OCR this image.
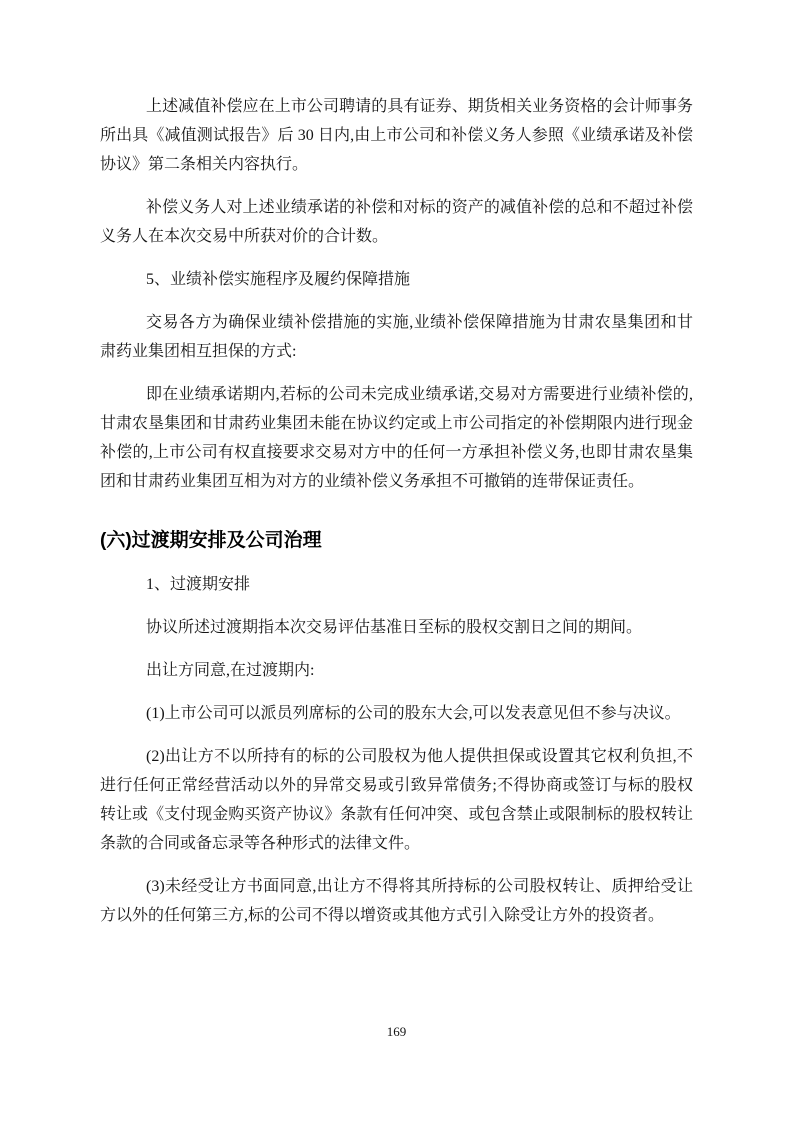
上述减值补偿应在上市公司聘请的具有证券、期货相关业务资格的会计师事务所出具《减值测试报告》后 30 日内,由上市公司和补偿义务人参照《业绩承诺及补偿协议》第二条相关内容执行。

补偿义务人对上述业绩承诺的补偿和对标的资产的减值补偿的总和不超过补偿义务人在本次交易中所获对价的合计数。

5、业绩补偿实施程序及履约保障措施

交易各方为确保业绩补偿措施的实施,业绩补偿保障措施为甘肃农垦集团和甘肃药业集团相互担保的方式:

即在业绩承诺期内,若标的公司未完成业绩承诺,交易对方需要进行业绩补偿的,甘肃农垦集团和甘肃药业集团未能在协议约定或上市公司指定的补偿期限内进行现金补偿的,上市公司有权直接要求交易对方中的任何一方承担补偿义务,也即甘肃农垦集团和甘肃药业集团互相为对方的业绩补偿义务承担不可撤销的连带保证责任。

(六)过渡期安排及公司治理

1、过渡期安排

协议所述过渡期指本次交易评估基准日至标的股权交割日之间的期间。

出让方同意,在过渡期内:

(1)上市公司可以派员列席标的公司的股东大会,可以发表意见但不参与决议。

(2)出让方不以所持有的标的公司股权为他人提供担保或设置其它权利负担,不进行任何正常经营活动以外的异常交易或引致异常债务;不得协商或签订与标的股权转让或《支付现金购买资产协议》条款有任何冲突、或包含禁止或限制标的股权转让条款的合同或备忘录等各种形式的法律文件。

(3)未经受让方书面同意,出让方不得将其所持标的公司股权转让、质押给受让方以外的任何第三方,标的公司不得以增资或其他方式引入除受让方外的投资者。

169
